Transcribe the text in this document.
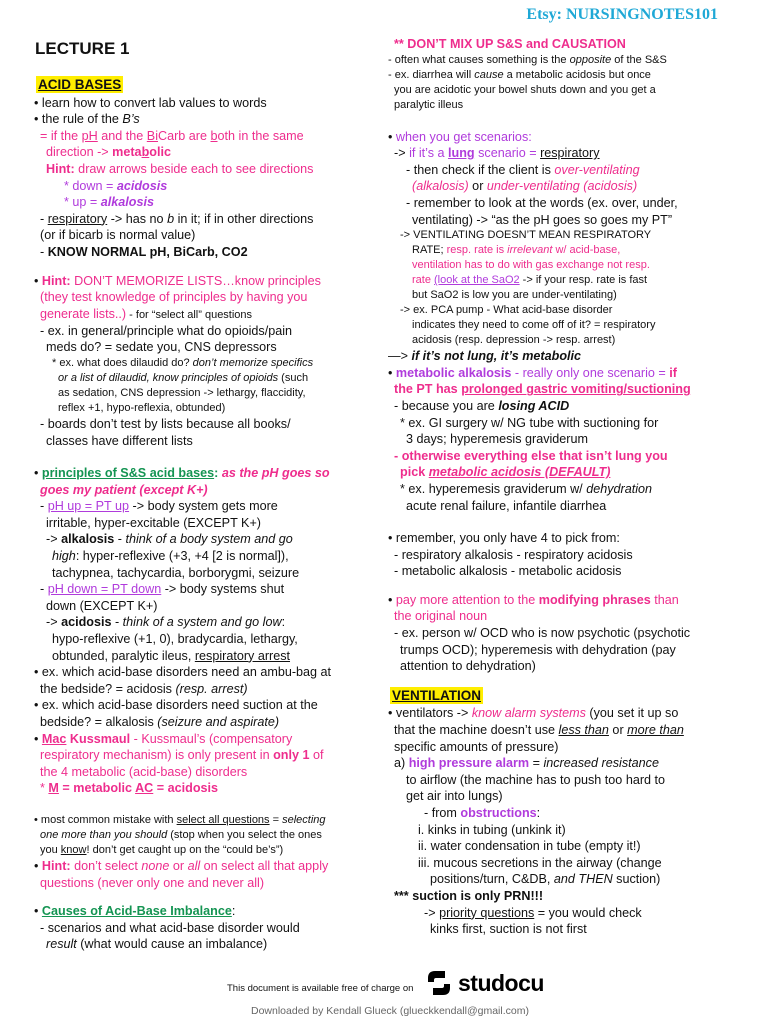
Etsy: NURSINGNOTES101
LECTURE 1
ACID BASES
• learn how to convert lab values to words
• the rule of the B’s
= if the pH and the BiCarb are both in the same
direction -> metabolic
Hint: draw arrows beside each to see directions
* down = acidosis
* up = alkalosis
- respiratory -> has no b in it; if in other directions
(or if bicarb is normal value)
- KNOW NORMAL pH, BiCarb, CO2
• Hint: DON’T MEMORIZE LISTS…know principles
(they test knowledge of principles by having you
generate lists..) - for “select all” questions
- ex. in general/principle what do opioids/pain
meds do? = sedate you, CNS depressors
* ex. what does dilaudid do? don’t memorize specifics
or a list of dilaudid, know principles of opioids (such
as sedation, CNS depression -> lethargy, flaccidity,
reflex +1, hypo-reflexia, obtunded)
- boards don’t test by lists because all books/
classes have different lists
• principles of S&S acid bases: as the pH goes so
goes my patient (except K+)
- pH up = PT up -> body system gets more
irritable, hyper-excitable (EXCEPT K+)
-> alkalosis - think of a body system and go
high: hyper-reflexive (+3, +4 [2 is normal]),
tachypnea, tachycardia, borborygmi, seizure
- pH down = PT down -> body systems shut
down (EXCEPT K+)
-> acidosis - think of a system and go low:
hypo-reflexive (+1, 0), bradycardia, lethargy,
obtunded, paralytic ileus, respiratory arrest
• ex. which acid-base disorders need an ambu-bag at
the bedside? = acidosis (resp. arrest)
• ex. which acid-base disorders need suction at the
bedside? = alkalosis (seizure and aspirate)
• Mac Kussmaul - Kussmaul’s (compensatory
respiratory mechanism) is only present in only 1 of
the 4 metabolic (acid-base) disorders
* M = metabolic AC = acidosis
• most common mistake with select all questions = selecting
one more than you should (stop when you select the ones
you know! don’t get caught up on the “could be’s”)
• Hint: don’t select none or all on select all that apply
questions (never only one and never all)
• Causes of Acid-Base Imbalance:
- scenarios and what acid-base disorder would
result (what would cause an imbalance)
** DON’T MIX UP S&S and CAUSATION
- often what causes something is the opposite of the S&S
- ex. diarrhea will cause a metabolic acidosis but once
you are acidotic your bowel shuts down and you get a
paralytic illeus
• when you get scenarios:
-> if it’s a lung scenario = respiratory
- then check if the client is over-ventilating
(alkalosis) or under-ventilating (acidosis)
- remember to look at the words (ex. over, under,
ventilating) -> “as the pH goes so goes my PT”
-> VENTILATING DOESN’T MEAN RESPIRATORY
RATE; resp. rate is irrelevant w/ acid-base,
ventilation has to do with gas exchange not resp.
rate (look at the SaO2 -> if your resp. rate is fast
but SaO2 is low you are under-ventilating)
-> ex. PCA pump - What acid-base disorder
indicates they need to come off of it? = respiratory
acidosis (resp. depression -> resp. arrest)
—> if it’s not lung, it’s metabolic
• metabolic alkalosis - really only one scenario = if
the PT has prolonged gastric vomiting/suctioning
- because you are losing ACID
* ex. GI surgery w/ NG tube with suctioning for
3 days; hyperemesis graviderum
- otherwise everything else that isn’t lung you
pick metabolic acidosis (DEFAULT)
* ex. hyperemesis graviderum w/ dehydration
acute renal failure, infantile diarrhea
• remember, you only have 4 to pick from:
- respiratory alkalosis - respiratory acidosis
- metabolic alkalosis - metabolic acidosis
• pay more attention to the modifying phrases than
the original noun
- ex. person w/ OCD who is now psychotic (psychotic
trumps OCD); hyperemesis with dehydration (pay
attention to dehydration)
VENTILATION
• ventilators -> know alarm systems (you set it up so
that the machine doesn’t use less than or more than
specific amounts of pressure)
a) high pressure alarm = increased resistance
to airflow (the machine has to push too hard to
get air into lungs)
- from obstructions:
i. kinks in tubing (unkink it)
ii. water condensation in tube (empty it!)
iii. mucous secretions in the airway (change
positions/turn, C&DB, and THEN suction)
*** suction is only PRN!!!
-> priority questions = you would check
kinks first, suction is not first
This document is available free of charge on studocu
Downloaded by Kendall Glueck (glueckkendall@gmail.com)
